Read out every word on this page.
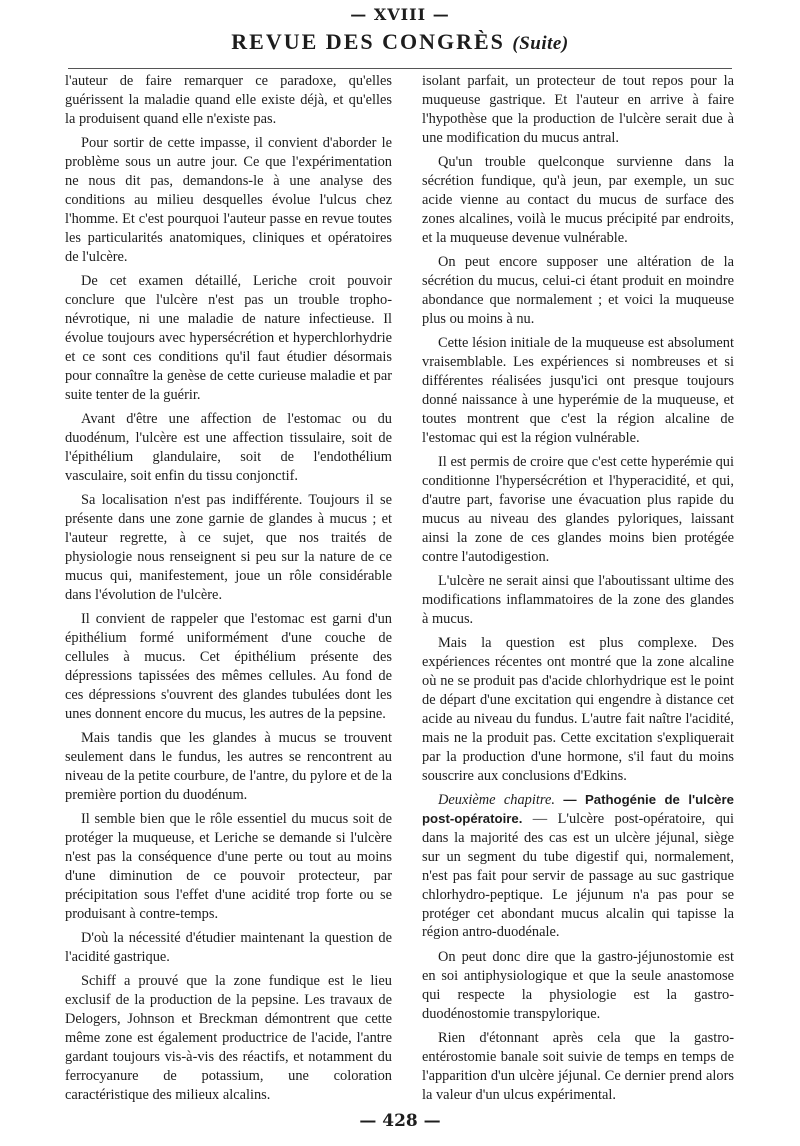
— XVIII —
REVUE DES CONGRÈS (Suite)

l'auteur de faire remarquer ce paradoxe, qu'elles guérissent la maladie quand elle existe déjà, et qu'elles la produisent quand elle n'existe pas.

Pour sortir de cette impasse, il convient d'aborder le problème sous un autre jour. Ce que l'expérimentation ne nous dit pas, demandons-le à une analyse des conditions au milieu desquelles évolue l'ulcus chez l'homme. Et c'est pourquoi l'auteur passe en revue toutes les particularités anatomiques, cliniques et opératoires de l'ulcère.

De cet examen détaillé, Leriche croit pouvoir conclure que l'ulcère n'est pas un trouble tropho-névrotique, ni une maladie de nature infectieuse. Il évolue toujours avec hypersécrétion et hyperchlorhydrie et ce sont ces conditions qu'il faut étudier désormais pour connaître la genèse de cette curieuse maladie et par suite tenter de la guérir.

Avant d'être une affection de l'estomac ou du duodénum, l'ulcère est une affection tissulaire, soit de l'épithélium glandulaire, soit de l'endothélium vasculaire, soit enfin du tissu conjonctif.

Sa localisation n'est pas indifférente. Toujours il se présente dans une zone garnie de glandes à mucus ; et l'auteur regrette, à ce sujet, que nos traités de physiologie nous renseignent si peu sur la nature de ce mucus qui, manifestement, joue un rôle considérable dans l'évolution de l'ulcère.

Il convient de rappeler que l'estomac est garni d'un épithélium formé uniformément d'une couche de cellules à mucus. Cet épithélium présente des dépressions tapissées des mêmes cellules. Au fond de ces dépressions s'ouvrent des glandes tubulées dont les unes donnent encore du mucus, les autres de la pepsine.

Mais tandis que les glandes à mucus se trouvent seulement dans le fundus, les autres se rencontrent au niveau de la petite courbure, de l'antre, du pylore et de la première portion du duodénum.

Il semble bien que le rôle essentiel du mucus soit de protéger la muqueuse, et Leriche se demande si l'ulcère n'est pas la conséquence d'une perte ou tout au moins d'une diminution de ce pouvoir protecteur, par précipitation sous l'effet d'une acidité trop forte ou se produisant à contre-temps.

D'où la nécessité d'étudier maintenant la question de l'acidité gastrique.

Schiff a prouvé que la zone fundique est le lieu exclusif de la production de la pepsine. Les travaux de Delogers, Johnson et Breckman démontrent que cette même zone est également productrice de l'acide, l'antre gardant toujours vis-à-vis des réactifs, et notamment du ferrocyanure de potassium, une coloration caractéristique des milieux alcalins.

isolant parfait, un protecteur de tout repos pour la muqueuse gastrique. Et l'auteur en arrive à faire l'hypothèse que la production de l'ulcère serait due à une modification du mucus antral.

Qu'un trouble quelconque survienne dans la sécrétion fundique, qu'à jeun, par exemple, un suc acide vienne au contact du mucus de surface des zones alcalines, voilà le mucus précipité par endroits, et la muqueuse devenue vulnérable.

On peut encore supposer une altération de la sécrétion du mucus, celui-ci étant produit en moindre abondance que normalement ; et voici la muqueuse plus ou moins à nu.

Cette lésion initiale de la muqueuse est absolument vraisemblable. Les expériences si nombreuses et si différentes réalisées jusqu'ici ont presque toujours donné naissance à une hyperémie de la muqueuse, et toutes montrent que c'est la région alcaline de l'estomac qui est la région vulnérable.

Il est permis de croire que c'est cette hyperémie qui conditionne l'hypersécrétion et l'hyperacidité, et qui, d'autre part, favorise une évacuation plus rapide du mucus au niveau des glandes pyloriques, laissant ainsi la zone de ces glandes moins bien protégée contre l'autodigestion.

L'ulcère ne serait ainsi que l'aboutissant ultime des modifications inflammatoires de la zone des glandes à mucus.

Mais la question est plus complexe. Des expériences récentes ont montré que la zone alcaline où ne se produit pas d'acide chlorhydrique est le point de départ d'une excitation qui engendre à distance cet acide au niveau du fundus. L'autre fait naître l'acidité, mais ne la produit pas. Cette excitation s'expliquerait par la production d'une hormone, s'il faut du moins souscrire aux conclusions d'Edkins.

Deuxième chapitre. — Pathogénie de l'ulcère post-opératoire. — L'ulcère post-opératoire, qui dans la majorité des cas est un ulcère jéjunal, siège sur un segment du tube digestif qui, normalement, n'est pas fait pour servir de passage au suc gastrique chlorhydro-peptique. Le jéjunum n'a pas pour se protéger cet abondant mucus alcalin qui tapisse la région antro-duodénale.

On peut donc dire que la gastro-jéjunostomie est en soi antiphysiologique et que la seule anastomose qui respecte la physiologie est la gastro-duodénostomie transpylorique.

Rien d'étonnant après cela que la gastro-entérostomie banale soit suivie de temps en temps de l'apparition d'un ulcère jéjunal. Ce dernier prend alors la valeur d'un ulcus expérimental.

— 428 —
